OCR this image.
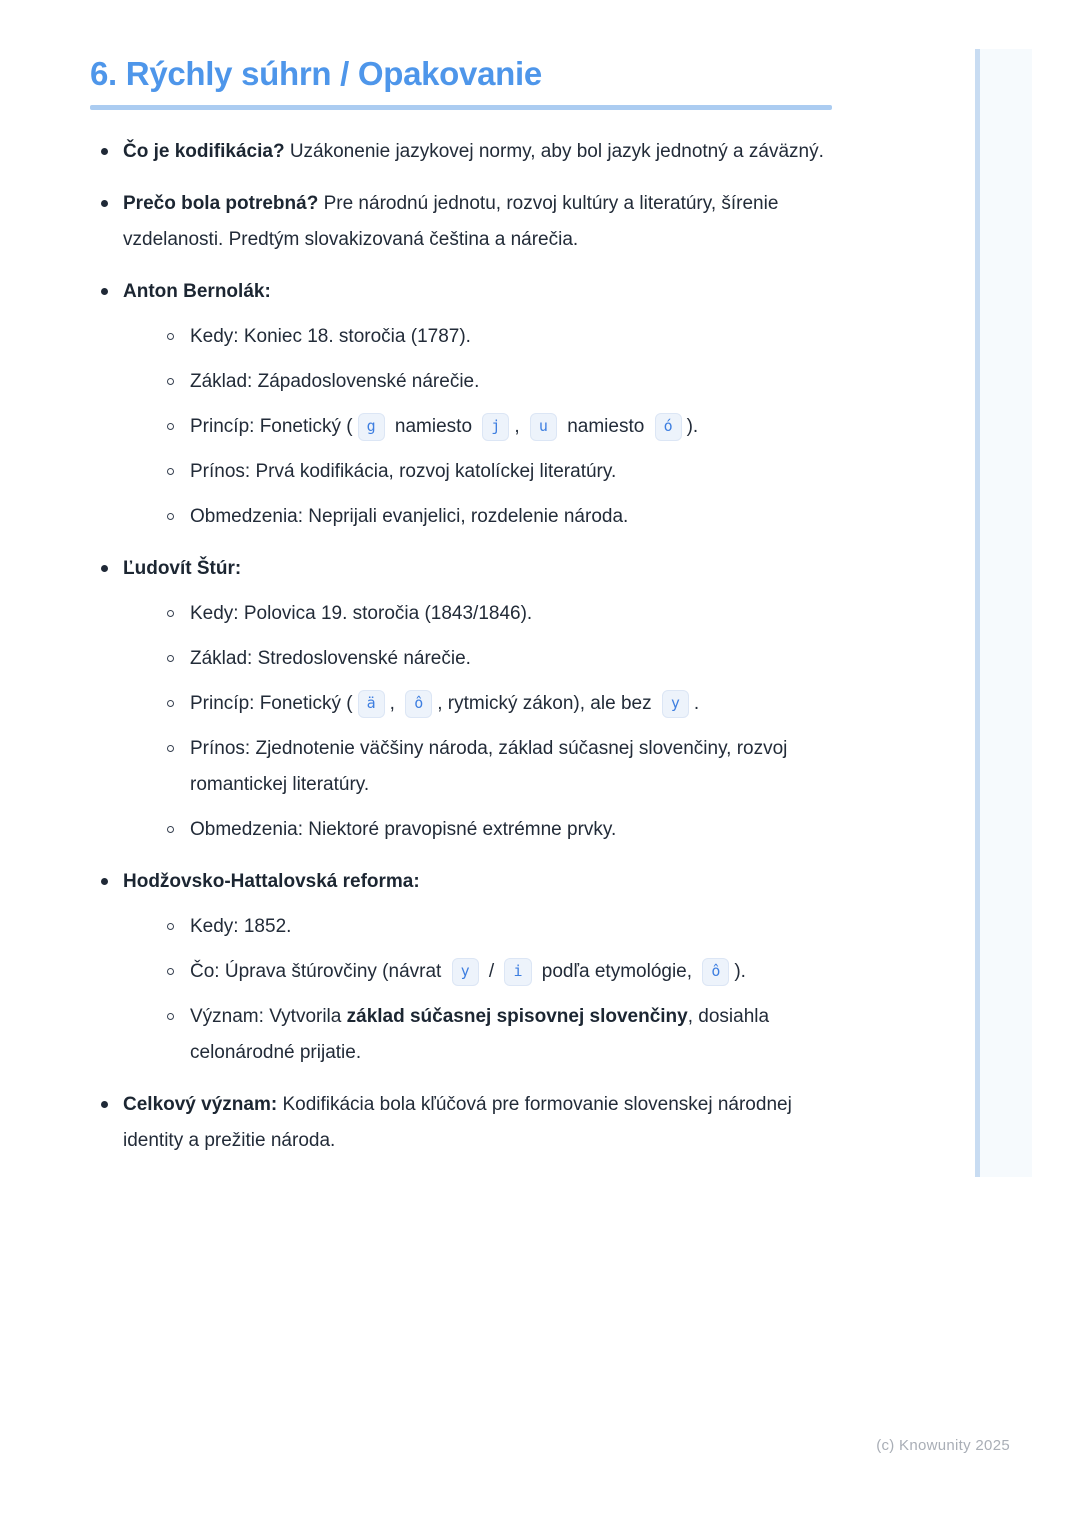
6. Rýchly súhrn / Opakovanie
Čo je kodifikácia? Uzákonenie jazykovej normy, aby bol jazyk jednotný a záväzný.
Prečo bola potrebná? Pre národnú jednotu, rozvoj kultúry a literatúry, šírenie vzdelanosti. Predtým slovakizovaná čeština a nárečia.
Anton Bernolák:
Kedy: Koniec 18. storočia (1787).
Základ: Západoslovenské nárečie.
Princíp: Fonetický ( g namiesto j , u namiesto ó ).
Prínos: Prvá kodifikácia, rozvoj katolíckej literatúry.
Obmedzenia: Neprijali evanjelici, rozdelenie národa.
Ľudovít Štúr:
Kedy: Polovica 19. storočia (1843/1846).
Základ: Stredoslovenské nárečie.
Princíp: Fonetický ( ä , ô , rytmický zákon), ale bez y .
Prínos: Zjednotenie väčšiny národa, základ súčasnej slovenčiny, rozvoj romantickej literatúry.
Obmedzenia: Niektoré pravopisné extrémne prvky.
Hodžovsko-Hattalovská reforma:
Kedy: 1852.
Čo: Úprava štúrovčiny (návrat y / i podľa etymológie, ô ).
Význam: Vytvorila základ súčasnej spisovnej slovenčiny, dosiahla celonárodné prijatie.
Celkový význam: Kodifikácia bola kľúčová pre formovanie slovenskej národnej identity a prežitie národa.
(c) Knowunity 2025
